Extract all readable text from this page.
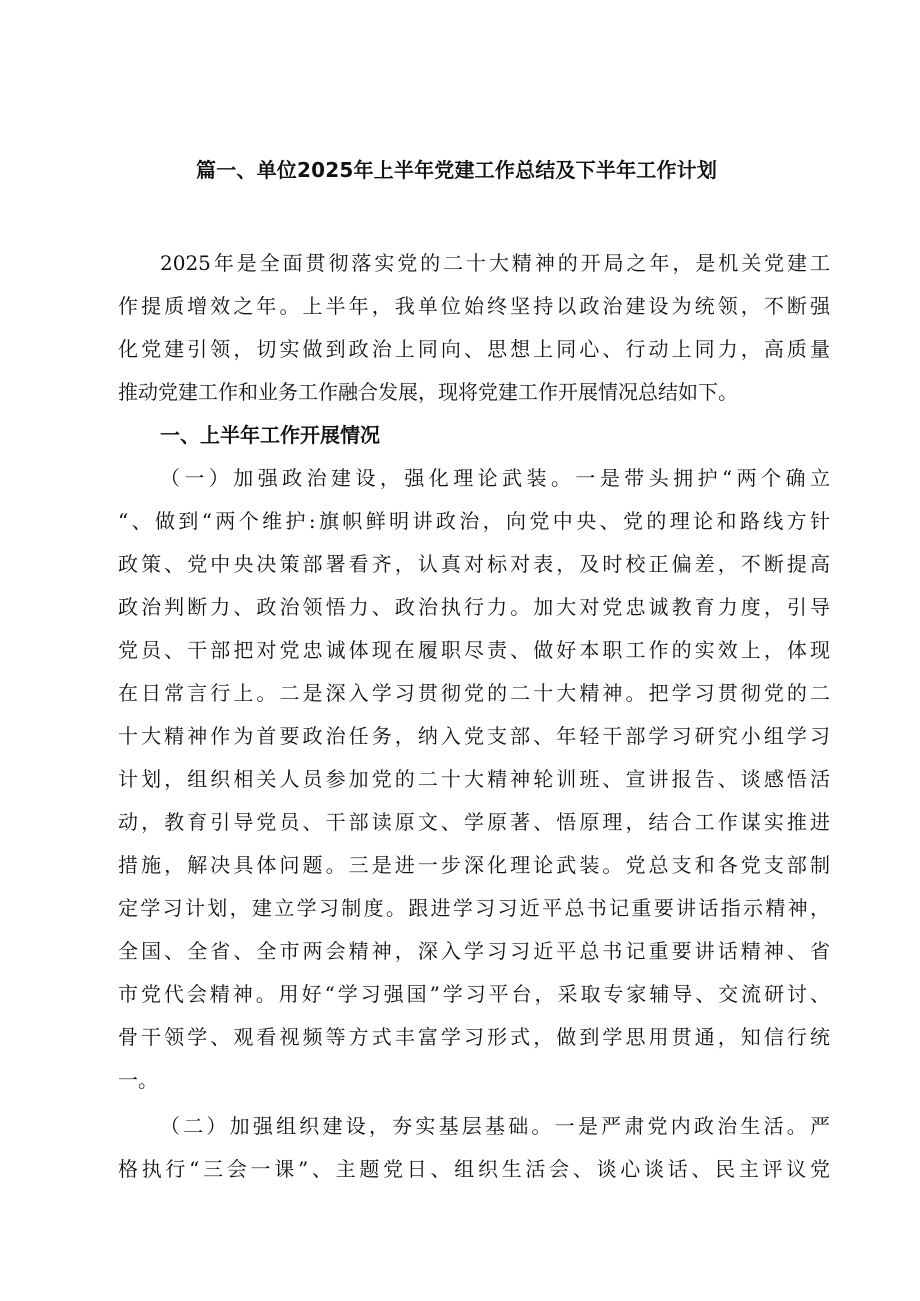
篇一、单位2025年上半年党建工作总结及下半年工作计划
2025年是全面贯彻落实党的二十大精神的开局之年，是机关党建工
作提质增效之年。上半年，我单位始终坚持以政治建设为统领，不断强
化党建引领，切实做到政治上同向、思想上同心、行动上同力，高质量
推动党建工作和业务工作融合发展，现将党建工作开展情况总结如下。
一、上半年工作开展情况
（一）加强政治建设，强化理论武装。一是带头拥护“两个确立
“、做到“两个维护:旗帜鲜明讲政治，向党中央、党的理论和路线方针
政策、党中央决策部署看齐，认真对标对表，及时校正偏差，不断提高
政治判断力、政治领悟力、政治执行力。加大对党忠诚教育力度，引导
党员、干部把对党忠诚体现在履职尽责、做好本职工作的实效上，体现
在日常言行上。二是深入学习贯彻党的二十大精神。把学习贯彻党的二
十大精神作为首要政治任务，纳入党支部、年轻干部学习研究小组学习
计划，组织相关人员参加党的二十大精神轮训班、宣讲报告、谈感悟活
动，教育引导党员、干部读原文、学原著、悟原理，结合工作谋实推进
措施，解决具体问题。三是进一步深化理论武装。党总支和各党支部制
定学习计划，建立学习制度。跟进学习习近平总书记重要讲话指示精神，
全国、全省、全市两会精神，深入学习习近平总书记重要讲话精神、省
市党代会精神。用好“学习强国”学习平台，采取专家辅导、交流研讨、
骨干领学、观看视频等方式丰富学习形式，做到学思用贯通，知信行统
一。
（二）加强组织建设，夯实基层基础。一是严肃党内政治生活。严
格执行“三会一课”、主题党日、组织生活会、谈心谈话、民主评议党
